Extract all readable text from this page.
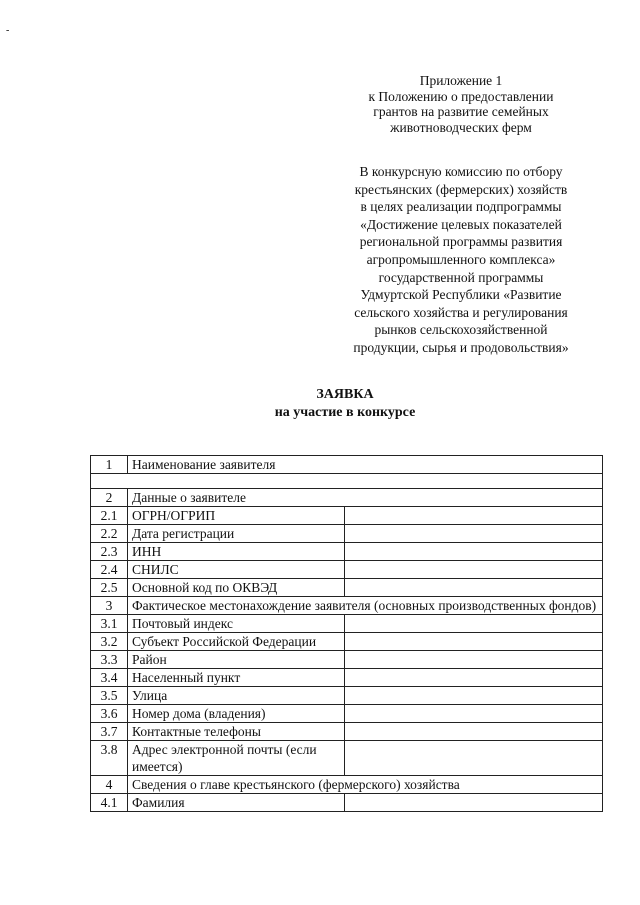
-
Приложение 1
к Положению о предоставлении
грантов на развитие семейных
животноводческих ферм
В конкурсную комиссию по отбору
крестьянских (фермерских) хозяйств
в целях реализации подпрограммы
«Достижение целевых показателей
региональной программы развития
агропромышленного комплекса»
государственной программы
Удмуртской Республики «Развитие
сельского хозяйства и регулирования
рынков сельскохозяйственной
продукции, сырья и продовольствия»
ЗАЯВКА
на участие в конкурсе
1	Наименование заявителя	

2	Данные о заявителе	
2.1	ОГРН/ОГРИП	
2.2	Дата регистрации	
2.3	ИНН	
2.4	СНИЛС	
2.5	Основной код по ОКВЭД	
3	Фактическое местонахождение заявителя (основных производственных фондов)	
3.1	Почтовый индекс	
3.2	Субъект Российской Федерации	
3.3	Район	
3.4	Населенный пункт	
3.5	Улица	
3.6	Номер дома (владения)	
3.7	Контактные телефоны	
3.8	Адрес электронной почты (если имеется)	
4	Сведения о главе крестьянского (фермерского) хозяйства	
4.1	Фамилия	
